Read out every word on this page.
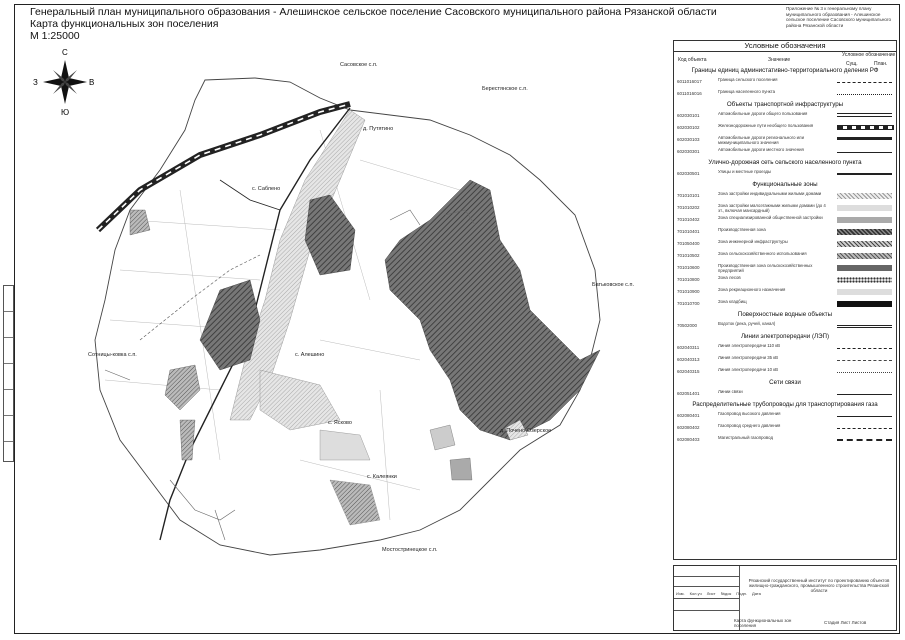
Генеральный план муниципального образования - Алешинское сельское поселение Сасовского муниципального района Рязанской области
Карта функциональных зон поселения
М 1:25000
Приложение № 3 к генеральному плану муниципального образования - Алешинское сельское поселение Сасовского муниципального района Рязанской области
С
Ю
З	В
Сасовское с.п.
Берестянское с.п.
д. Путятино
с. Саблено
с. Алешино
с. Ясково
д. Почено-Озерское
с. Калеянки
Сотницы-ковка с.п.
Батьковское с.п.
Мостостринецкое с.п.
Условные обозначения
Код объекта	Значение
Условное обозначение
Сущ.	План.
Границы единиц администативно-территориального деления РФ
6011016017	Граница сельского поселения
6011016016	Граница населенного пункта
Объекты транспортной инфраструктуры
602030101	Автомобильные дороги общего пользования
602030102	Железнодорожные пути необщего пользования
602030103	Автомобильные дороги регионального или межмуниципального значения
602030301	Автомобильные дороги местного значения
Улично-дорожная сеть сельского населенного пункта
602030501	Улицы и местные проезды
Функциональные зоны
701010101	Зона застройки индивидуальными жилыми домами
701010202	Зона застройки малоэтажными жилыми домами (до 4 эт., включая мансардный)
701010402	Зона специализированной общественной застройки
701010401	Производственная зона
701050400	Зона инженерной инфраструктуры
701010502	Зона сельскохозяйственного использования
701010600	Производственная зона сельскохозяйственных предприятий
701010800	Зона лесов
701010900	Зона рекреационного назначения
701010700	Зона кладбищ
Поверхностные водные объекты
70502000	Водоток (река, ручей, канал)
Линии электропередачи (ЛЭП)
602040311	Линия электропередачи 110 кВ
602040313	Линия электропередачи 35 кВ
602040315	Линия электропередачи 10 кВ
Сети связи
602051401	Линии связи
Распределительные трубопроводы для транспортирования газа
602080401	Газопровод высокого давления
602080402	Газопровод среднего давления
602080403	Магистральный газопровод
Изм. Кол.уч Лист №док Подп. Дата
Рязанский государственный институт по проектированию объектов жилищно-гражданского, промышленного строительства Рязанской области
Карта функциональных зон поселения
Стадия Лист Листов
